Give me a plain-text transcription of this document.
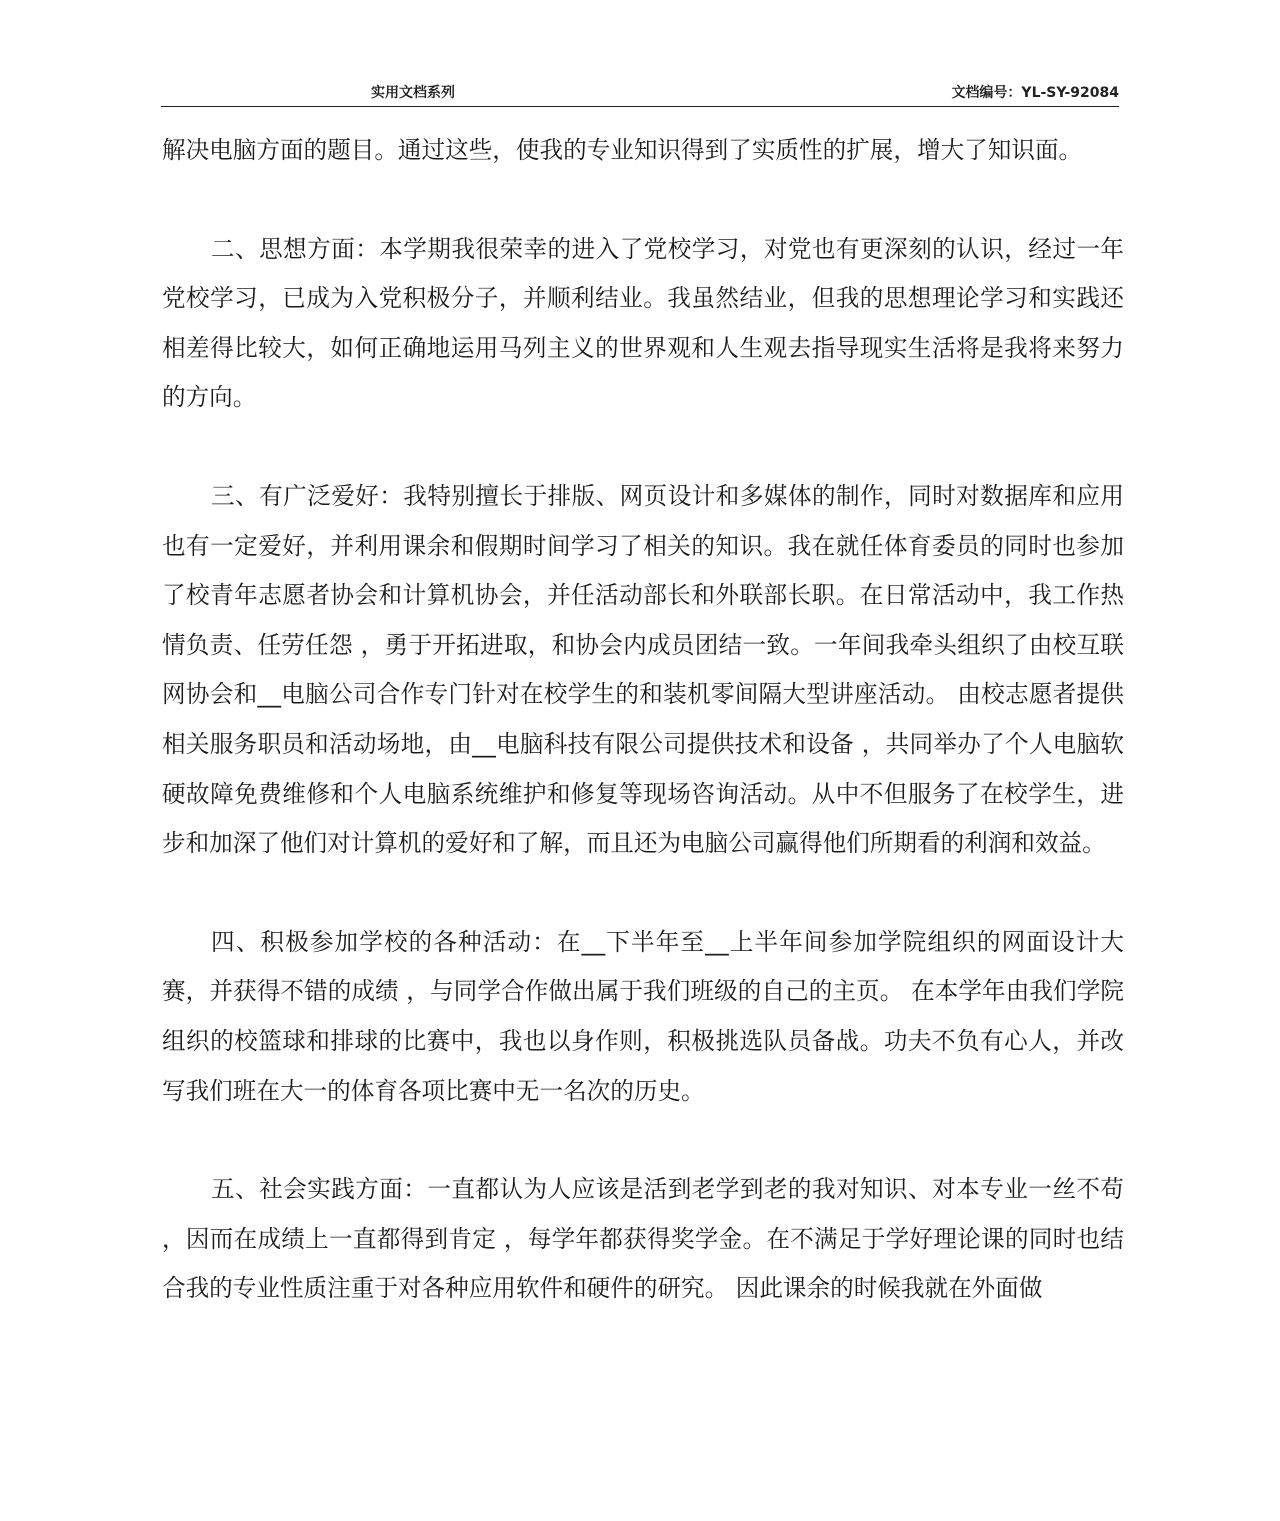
实用文档系列	文档编号：YL-SY-92084

解决电脑方面的题目。通过这些，使我的专业知识得到了实质性的扩展，增大了知识面。

二、思想方面：本学期我很荣幸的进入了党校学习，对党也有更深刻的认识，经过一年党校学习，已成为入党积极分子，并顺利结业。我虽然结业，但我的思想理论学习和实践还相差得比较大，如何正确地运用马列主义的世界观和人生观去指导现实生活将是我将来努力的方向。

三、有广泛爱好：我特别擅长于排版、网页设计和多媒体的制作，同时对数据库和应用也有一定爱好，并利用课余和假期时间学习了相关的知识。我在就任体育委员的同时也参加了校青年志愿者协会和计算机协会，并任活动部长和外联部长职。在日常活动中，我工作热情负责、任劳任怨 ，勇于开拓进取，和协会内成员团结一致。一年间我牵头组织了由校互联网协会和__电脑公司合作专门针对在校学生的和装机零间隔大型讲座活动。 由校志愿者提供相关服务职员和活动场地，由__电脑科技有限公司提供技术和设备 ，共同举办了个人电脑软硬故障免费维修和个人电脑系统维护和修复等现场咨询活动。从中不但服务了在校学生，进步和加深了他们对计算机的爱好和了解，而且还为电脑公司赢得他们所期看的利润和效益。

四、积极参加学校的各种活动：在__下半年至__上半年间参加学院组织的网面设计大赛，并获得不错的成绩 ，与同学合作做出属于我们班级的自己的主页。 在本学年由我们学院组织的校篮球和排球的比赛中，我也以身作则，积极挑选队员备战。功夫不负有心人，并改写我们班在大一的体育各项比赛中无一名次的历史。

五、社会实践方面：一直都认为人应该是活到老学到老的我对知识、对本专业一丝不苟 ，因而在成绩上一直都得到肯定 ，每学年都获得奖学金。在不满足于学好理论课的同时也结合我的专业性质注重于对各种应用软件和硬件的研究。 因此课余的时候我就在外面做
